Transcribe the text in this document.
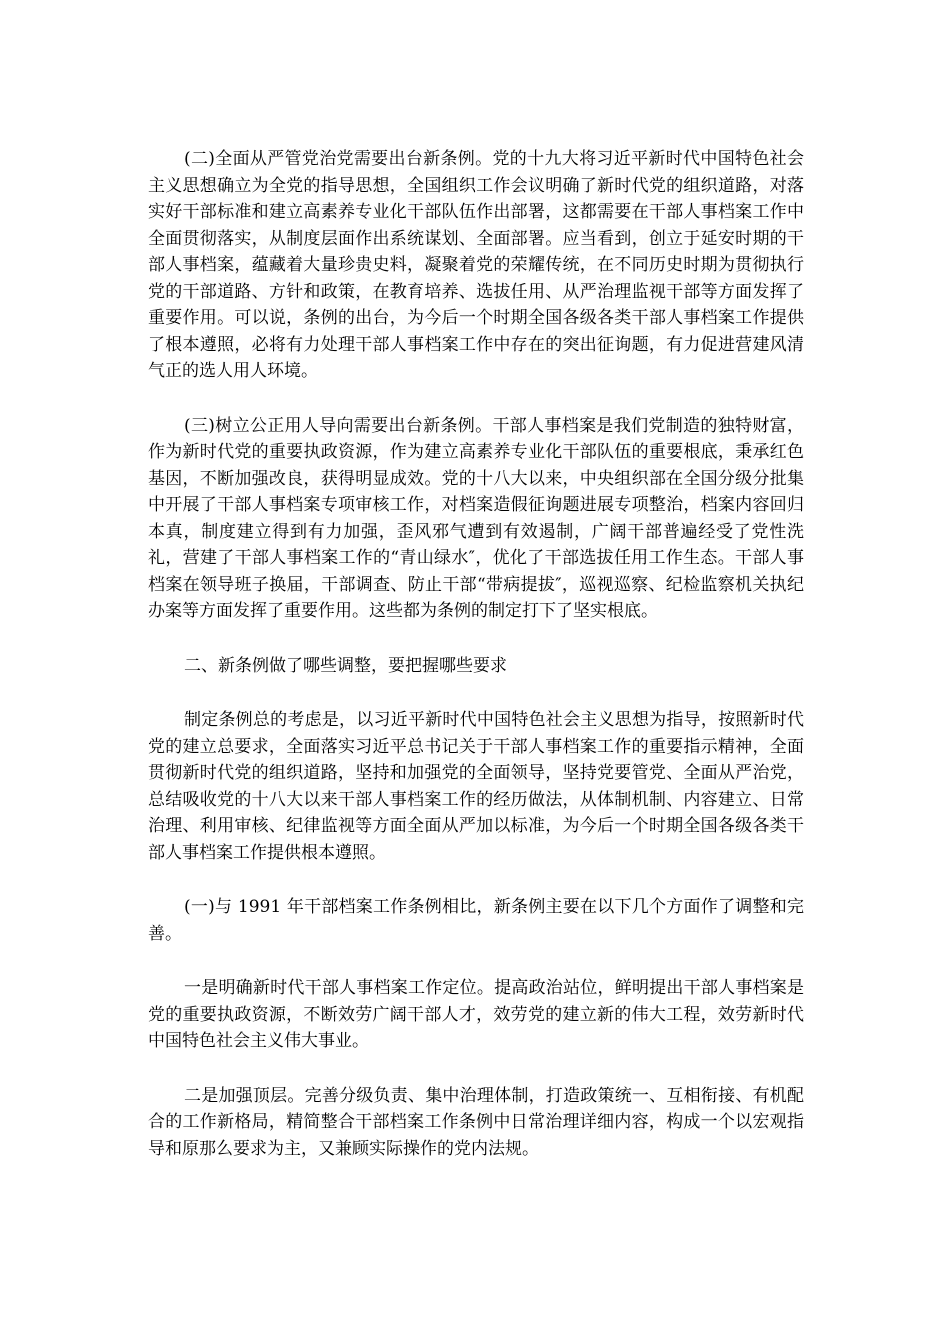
(二)全面从严管党治党需要出台新条例。党的十九大将习近平新时代中国特色社会主义思想确立为全党的指导思想，全国组织工作会议明确了新时代党的组织道路，对落实好干部标准和建立高素养专业化干部队伍作出部署，这都需要在干部人事档案工作中全面贯彻落实，从制度层面作出系统谋划、全面部署。应当看到，创立于延安时期的干部人事档案，蕴藏着大量珍贵史料，凝聚着党的荣耀传统，在不同历史时期为贯彻执行党的干部道路、方针和政策，在教育培养、选拔任用、从严治理监视干部等方面发挥了重要作用。可以说，条例的出台，为今后一个时期全国各级各类干部人事档案工作提供了根本遵照，必将有力处理干部人事档案工作中存在的突出征询题，有力促进营建风清气正的选人用人环境。

(三)树立公正用人导向需要出台新条例。干部人事档案是我们党制造的独特财富，作为新时代党的重要执政资源，作为建立高素养专业化干部队伍的重要根底，秉承红色基因，不断加强改良，获得明显成效。党的十八大以来，中央组织部在全国分级分批集中开展了干部人事档案专项审核工作，对档案造假征询题进展专项整治，档案内容回归本真，制度建立得到有力加强，歪风邪气遭到有效遏制，广阔干部普遍经受了党性洗礼，营建了干部人事档案工作的“青山绿水″，优化了干部选拔任用工作生态。干部人事档案在领导班子换届，干部调查、防止干部“带病提拔″，巡视巡察、纪检监察机关执纪办案等方面发挥了重要作用。这些都为条例的制定打下了坚实根底。

二、新条例做了哪些调整，要把握哪些要求

制定条例总的考虑是，以习近平新时代中国特色社会主义思想为指导，按照新时代党的建立总要求，全面落实习近平总书记关于干部人事档案工作的重要指示精神，全面贯彻新时代党的组织道路，坚持和加强党的全面领导，坚持党要管党、全面从严治党，总结吸收党的十八大以来干部人事档案工作的经历做法，从体制机制、内容建立、日常治理、利用审核、纪律监视等方面全面从严加以标准，为今后一个时期全国各级各类干部人事档案工作提供根本遵照。

(一)与 1991 年干部档案工作条例相比，新条例主要在以下几个方面作了调整和完善。

一是明确新时代干部人事档案工作定位。提高政治站位，鲜明提出干部人事档案是党的重要执政资源，不断效劳广阔干部人才，效劳党的建立新的伟大工程，效劳新时代中国特色社会主义伟大事业。

二是加强顶层。完善分级负责、集中治理体制，打造政策统一、互相衔接、有机配合的工作新格局，精简整合干部档案工作条例中日常治理详细内容，构成一个以宏观指导和原那么要求为主，又兼顾实际操作的党内法规。
